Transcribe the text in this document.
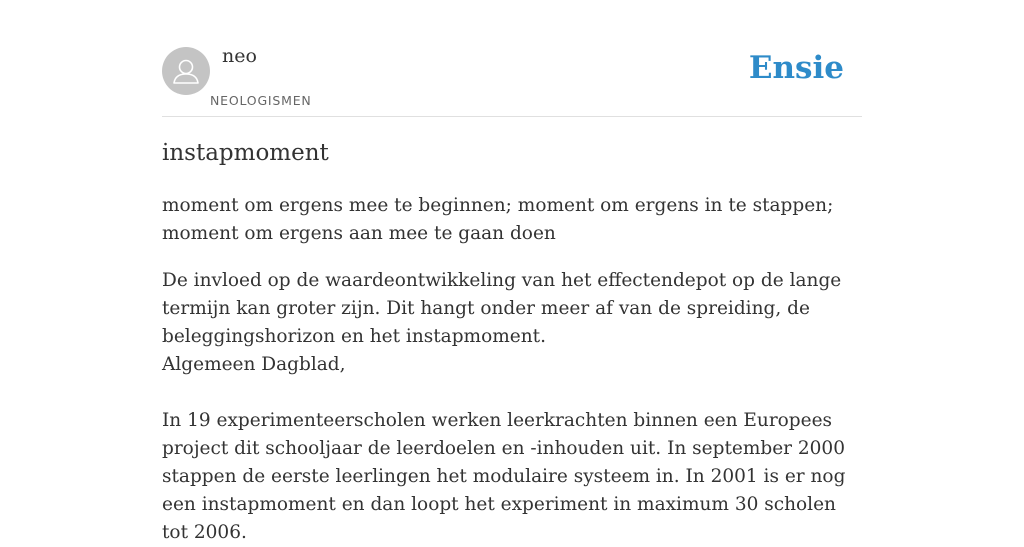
neo
NEOLOGISMEN
Ensie
instapmoment

moment om ergens mee te beginnen; moment om ergens in te stappen; moment om ergens aan mee te gaan doen

De invloed op de waardeontwikkeling van het effectendepot op de lange termijn kan groter zijn. Dit hangt onder meer af van de spreiding, de beleggingshorizon en het instapmoment.

Algemeen Dagblad,

In 19 experimenteerscholen werken leerkrachten binnen een Europees project dit schooljaar de leerdoelen en -inhouden uit. In september 2000 stappen de eerste leerlingen het modulaire systeem in. In 2001 is er nog een instapmoment en dan loopt het experiment in maximum 30 scholen tot 2006.
